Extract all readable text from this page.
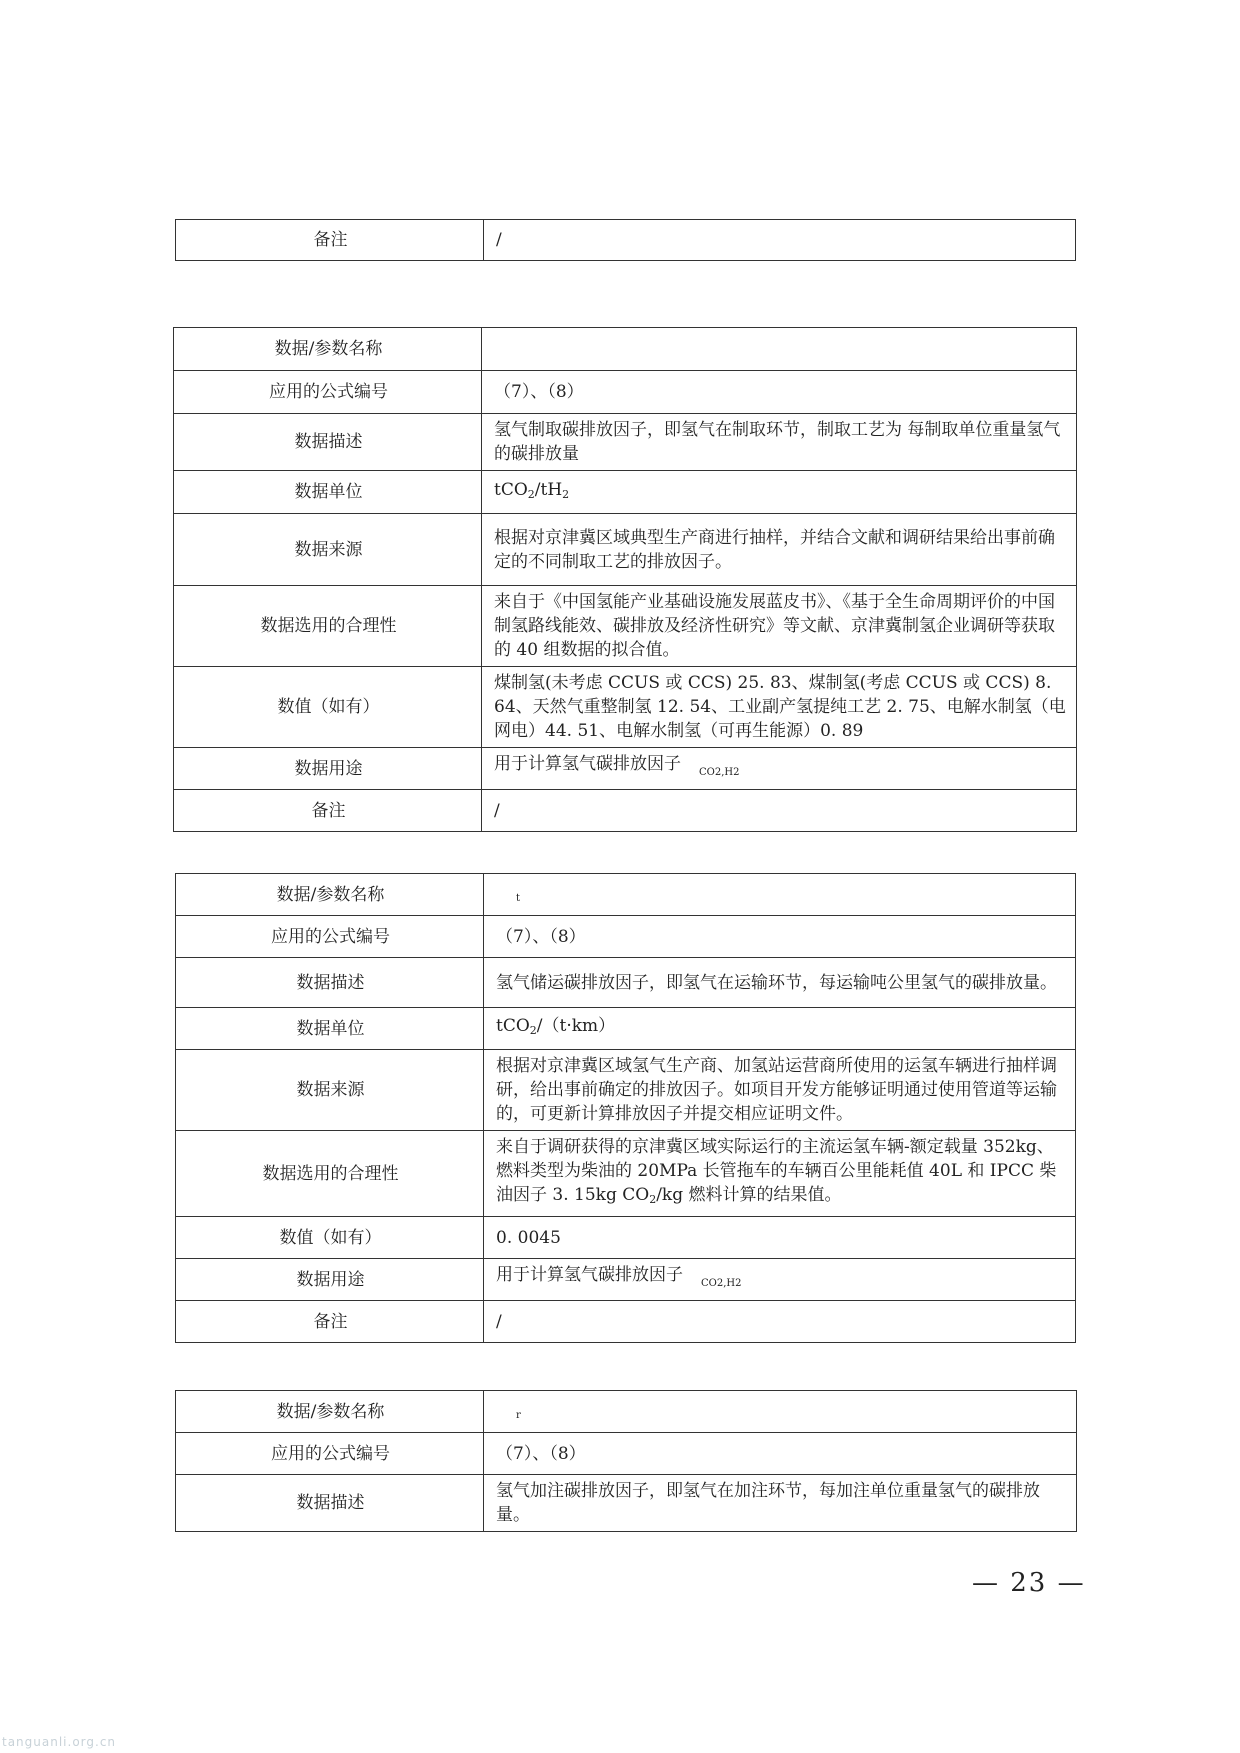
备注	/
数据/参数名称	
应用的公式编号	（7）、（8）
数据描述	氢气制取碳排放因子，即氢气在制取环节，制取工艺为 每制取单位重量氢气的碳排放量
数据单位	$tCO_2/tH_2$
数据来源	根据对京津冀区域典型生产商进行抽样，并结合文献和调研结果给出事前确定的不同制取工艺的排放因子。
数据选用的合理性	来自于《中国氢能产业基础设施发展蓝皮书》、《基于全生命周期评价的中国制氢路线能效、碳排放及经济性研究》等文献、京津冀制氢企业调研等获取的 40 组数据的拟合值。
数值（如有）	煤制氢(未考虑 CCUS 或 CCS) 25. 83、煤制氢(考虑 CCUS 或 CCS) 8. 64、天然气重整制氢 12. 54、工业副产氢提纯工艺 2. 75、电解水制氢（电网电）44. 51、电解水制氢（可再生能源）0. 89
数据用途	用于计算氢气碳排放因子 $_{CO2,H2}$
备注	/
数据/参数名称	$_t$
应用的公式编号	（7）、（8）
数据描述	氢气储运碳排放因子，即氢气在运输环节，每运输吨公里氢气的碳排放量。
数据单位	tCO$_2$/（t·km）
数据来源	根据对京津冀区域氢气生产商、加氢站运营商所使用的运氢车辆进行抽样调研，给出事前确定的排放因子。如项目开发方能够证明通过使用管道等运输的，可更新计算排放因子并提交相应证明文件。
数据选用的合理性	来自于调研获得的京津冀区域实际运行的主流运氢车辆-额定载量 352kg、燃料类型为柴油的 20MPa 长管拖车的车辆百公里能耗值 40L 和 IPCC 柴油因子 3. 15kg $CO_2/kg$ 燃料计算的结果值。
数值（如有）	0. 0045
数据用途	用于计算氢气碳排放因子 $_{CO2,H2}$
备注	/
数据/参数名称	$_r$
应用的公式编号	（7）、（8）
数据描述	氢气加注碳排放因子，即氢气在加注环节，每加注单位重量氢气的碳排放量。
— 23 —
tanguanli.org.cn
